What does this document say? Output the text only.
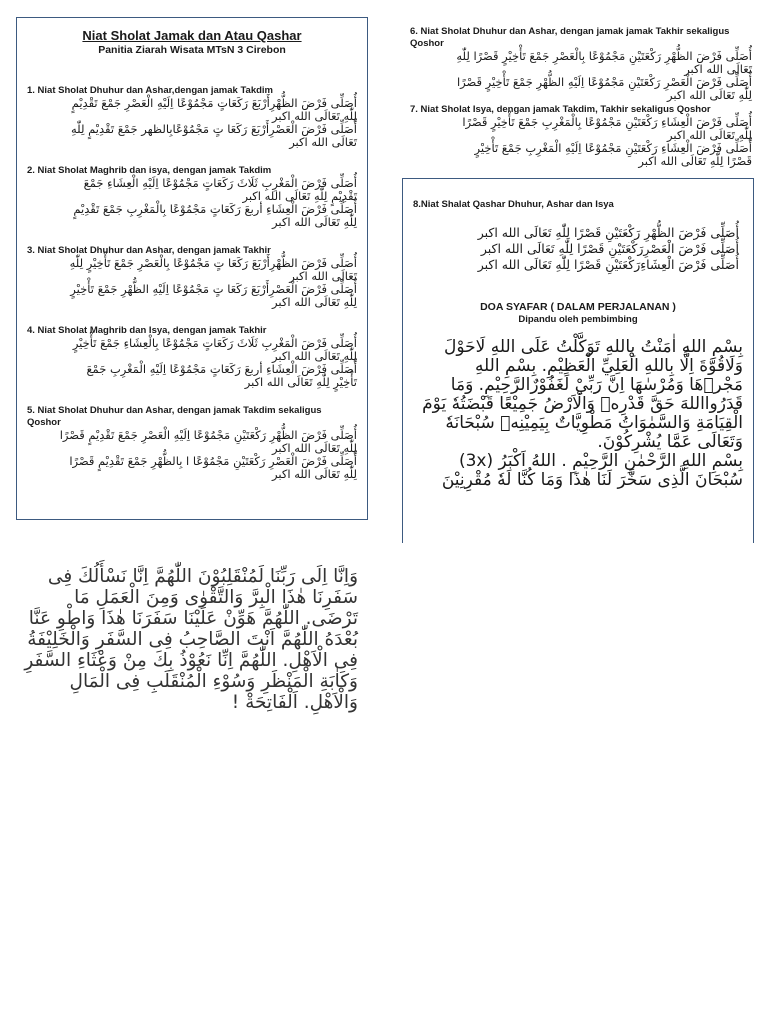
Niat Sholat Jamak dan Atau Qashar
Panitia Ziarah Wisata MTsN 3 Cirebon
1. Niat Sholat Dhuhur dan Ashar,dengan jamak Takdim
أُصَلِّى فَرْضَ الظُّهْرِأَرْبَعَ رَكَعَاتٍ مَجْمُوْعًا اِلَيْهِ الْعَصْرِ جَمْعَ تَقْدِيْمٍ
لِلّٰهِ تَعَالَى الله اكبر
أُصَلِّى فَرْضَ الْعَصْرِأَرْبَعَ رَكَعَا تٍ مَجْمُوْعًابِالظهر جَمْعَ تَقْدِيْمٍ لِلّٰهِ
تَعَالَى الله اكبر
2. Niat Sholat Maghrib dan isya, dengan jamak Takdim
أُصَلِّى فَرْضَ الْمَغْرِبِ ثَلَاثَ رَكَعَاتٍ مَجْمُوْعًا اِلَيْهِ الْعِشَاءِ جَمْعَ
تَقْدِيْمٍ لِلّٰهِ تَعَالَى الله اكبر
أُصَلِّى فَرْضَ الْعِشَاءِ أربعَ رَكَعَاتٍ مَجْمُوْعًا بِالْمَغْرِبِ جَمْعَ تَقْدِيْمٍ
لِلّٰهِ تَعَالَى الله اكبر
3. Niat Sholat Dhuhur dan Ashar, dengan jamak Takhir
أُصَلِّى فَرْضَ الظُّهْرِأَرْبَعَ رَكَعَا تٍ مَجْمُوْعًا بِالْعَصْرِ جَمْعَ تَأْخِيْرٍ لِلّٰهِ
تَعَالَى الله اكبر
أُصَلِّى فَرْضَ الْعَصْرِأَرْبَعَ رَكَعَا تٍ مَجْمُوْعًا اِلَيْهِ الظُّهْرِ جَمْعَ تَأْخِيْرٍ
لِلّٰهِ تَعَالَى الله اكبر
4. Niat Sholat Maghrib dan Isya, dengan jamak Takhir
أُصَلِّى فَرْضَ الْمَغْرِبِ ثَلَاثَ رَكَعَاتٍ مَجْمُوْعًا بِالْعِشَاءِ جَمْعَ تَأْخِيْرٍ
لِلّٰهِ تَعَالَى الله اكبر
أُصَلِّى فَرْضَ الْعِشَاءِ أربعَ رَكَعَاتٍ مَجْمُوْعًا اِلَيْهِ الْمَغْرِبِ جَمْعَ
تَأْخِيْرٍ لِلّٰهِ تَعَالَى الله اكبر
5. Niat Sholat Dhuhur dan Ashar, dengan jamak Takdim sekaligus Qoshor
أُصَلِّى فَرْضَ الظُّهْرِ رَكْعَتَيْنِ مَجْمُوْعًا اِلَيْهِ الْعَصْرِ جَمْعَ تَقْدِيْمٍ قَصْرًا
لِلّٰهِ تَعَالَى الله اكبر
أُصَلِّى فَرْضَ الْعَصْرِ رَكْعَتَيْنِ مَجْمُوْعًا ا بِالظُّهْرِ جَمْعَ تَقْدِيْمٍ قَصْرًا
لِلّٰهِ تَعَالَى الله اكبر
6. Niat Sholat Dhuhur dan Ashar, dengan jamak jamak Takhir sekaligus Qoshor
أُصَلِّى فَرْضَ الظُّهْرِ رَكْعَتَيْنِ مَجْمُوْعًا بِالْعَصْرِ جَمْعَ تَأْخِيْرٍ قَصْرًا لِلّٰهِ
تَعَالَى الله اكبر
أُصَلِّى فَرْضَ الْعَصْرِ رَكْعَتَيْنِ مَجْمُوْعًا اِلَيْهِ الظُّهْرِ جَمْعَ تَأْخِيْرٍ قَصْرًا
لِلّٰهِ تَعَالَى الله اكبر
7. Niat Sholat Isya, dengan jamak Takdim, Takhir sekaligus Qoshor
أُصَلِّى فَرْضَ الْعِشَاءِ رَكْعَتَيْنِ مَجْمُوْعًا بِالْمَغْرِبِ جَمْعَ تَأْخِيْرٍ قَصْرًا
لِلّٰهِ تَعَالَى الله اكبر
أُصَلِّى فَرْضَ الْعِشَاءِ رَكْعَتَيْنِ مَجْمُوْعًا اِلَيْهِ الْمَغْرِبِ جَمْعَ تَأْخِيْرٍ
قَصْرًا لِلّٰهِ تَعَالَى الله اكبر
8.Niat Shalat Qashar Dhuhur, Ashar dan Isya
أُصَلِّى فَرْضَ الظُّهْرِ رَكْعَتَيْنِ قَصْرًا لِلّٰهِ تَعَالَى الله اكبر
أُصَلِّى فَرْضَ الْعَصْرِرَكْعَتَيْنِ قَصْرًا لِلّٰهِ تَعَالَى الله اكبر
أُصَلِّى فَرْضَ الْعِشَاءِرَكْعَتَيْنِ قَصْرًا لِلّٰهِ تَعَالَى الله اكبر
DOA SYAFAR ( DALAM PERJALANAN )
Dipandu oleh pembimbing
بِسْمِ اللهِ اٰمَنْتُ بِاللهِ تَوَكَّلْتُ عَلَى اللهِ لَاحَوْلَ
وَلَاقُوَّةَ اِلَّا بِاللهِ الْعَلِيِّ الْعَظِيْمِ. بِسْمِ اللهِ
مَجْرٖهَا وَمُرْسٰهَا اِنَّ رَبِّيْ لَغَفُوْرٌالرَّحِيْمِ. وَمَا
قَدَرُوااللهَ حَقَّ قَدْرِهٖ وَالْاَرْضُ جَمِيْعًا قَبْضَتُهٗ يَوْمَ
الْقِيَامَةِ وَالسَّمٰوَاتُ مَطْوِيَّاتٌ بِيَمِيْنِهٖ سُبْحَانَهٗ
وَتَعَالَى عَمَّا يُشْرِكُوْنَ.
بِسْمِ اللهِ الرَّحْمٰنِ الرَّحِيْمِ . اللهُ اَكْبَرُ (3x)
سُبْحَانَ الَّذِى سَخَّرَ لَنَا هٰذَا وَمَا كُنَّا لَهٗ مُقْرِنِيْنَ
وَاِنَّا اِلَى رَبِّنَا لَمُنْقَلِبُوْنَ اللّٰهُمَّ اِنَّا نَسْأَلُكَ فِى
سَفَرِنَا هٰذَا الْبِرَّ وَالتَّقْوٰى وَمِنَ الْعَمَلِ مَا
تَرْضَى. اللّٰهُمَّ هَوِّنْ عَلَيْنَا سَفَرَنَا هٰذَا وَاطْوِ عَنَّا
بُعْدَهُ اللّٰهُمَّ اَنْتَ الصَّاحِبُ فِى السَّفَرِ وَالْخَلِيْفَةُ
فِى الْاَهْلِ. اللّٰهُمَّ اِنِّا نَعُوْذُ بِكَ مِنْ وَعْثَاءِ السَّفَرِ
وَكَاٰبَةِ الْمَنْظَرِ وَسُوْءِ الْمُنْقَلَبِ فِى الْمَالِ
وَالْاَهْلِ. اَلْفَاتِحَةْ !
